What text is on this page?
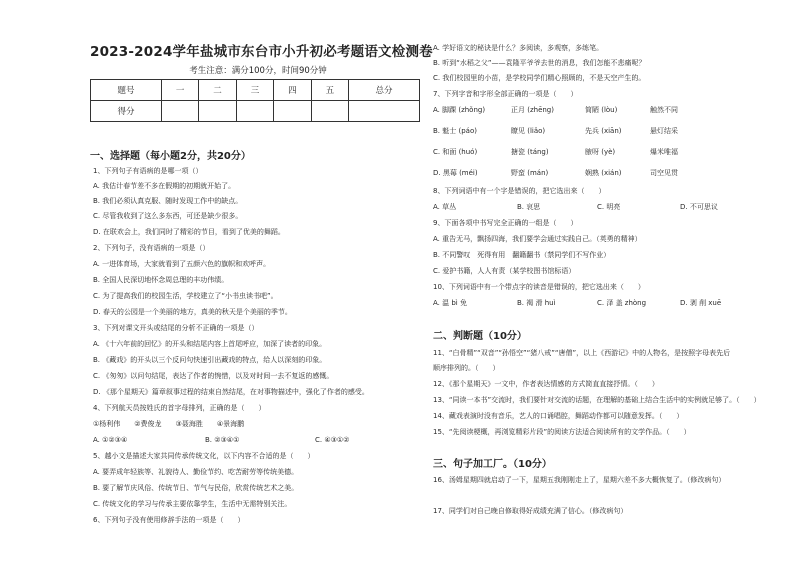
2023-2024学年盐城市东台市小升初必考题语文检测卷
考生注意：满分100分，时间90分钟
题号	一	二	三	四	五	总分
得分						
一、选择题（每小题2分，共20分）
1、下列句子有语病的是哪一项（）
A. 我估计春节差不多在假期的初期就开始了。
B. 我们必须认真克服、随时发现工作中的缺点。
C. 尽管我收到了这么多东西，可还是缺少很多。
D. 在联欢会上，我们同时了精彩的节目，看到了优美的舞蹈。
2、下列句子，没有语病的一项是（）
A. 一进体育场，大家就看到了五颜六色的旗帜和欢呼声。
B. 全国人民深切地怀念周总理的丰功伟绩。
C. 为了提高我们的校园生活，学校建立了“小书虫读书吧”。
D. 春天的公园是一个美丽的地方，真美的秋天是个美丽的季节。
3、下列对课文开头或结尾的分析不正确的一项是（）
A. 《十六年前的回忆》的开头和结尾内容上首尾呼应，加深了读者的印象。
B. 《藏戏》的开头以三个反问句快速引出藏戏的特点，给人以深刻的印象。
C. 《匆匆》以问句结尾，表达了作者的惋惜，以及对时间一去不复返的感慨。
D. 《那个星期天》篇章叙事过程的结束自然结尾，在对事物描述中，强化了作者的感受。
4、下列航天员按姓氏的首字母排列，正确的是（　　）
①杨利伟　　②费俊龙　　③聂海胜　　④景海鹏
A. ①②③④	B. ②③④①	C. ④③①②
5、越小文是描述大家共同传承传统文化，以下内容不合适的是（　　）
A. 要弄成年轻族等、礼貌待人、勤俭节约、吃苦耐劳等传统美德。
B. 要了解节庆风俗、传统节日、节气与民俗，欣赏传统艺术之美。
C. 传统文化的学习与传承主要依靠学生，生活中无需特别关注。
6、下列句子没有使用修辞手法的一项是（　　）
A. 学好语文的秘诀是什么？多阅读，多观察，多练笔。
B. 听到“水稻之父”——袁隆平爷爷去世的消息，我们怎能不悲痛呢？
C. 我们校园里的小苗，是学校同学们精心照顾的，不是天空产生的。
7、下列字音和字形全部正确的一项是（　　）
A. 脚踝 (zhǒng)	正月 (zhēng)	简陋 (lòu)	触然不同
B. 魁士 (páo)	瞭见 (liǎo)	先兵 (xiān)	悬灯结采
C. 和面 (huó)	搪瓷 (táng)	腋呀 (yè)	爆米唯福
D. 黑莓 (méi)	野蛮 (mán)	娴熟 (xián)	司空见贯
8、下列词语中有一个字是错误的，把它选出来（　　）
A. 草丛	B. 哀思	C. 明亮	D. 不可思议
9、下面各项中书写完全正确的一组是（　　）
A. 重告无马，飘扬四海，我们要学会通过实践自己。（英勇的精神）
B. 不同警叹　死得有用　翻籍翻书（禁同学们不写作业）
C. 爱护书籍，人人有责（某学校图书馆标语）
10、下列词语中有一个带点字的读音是错误的，把它选出来（　　）
A. 温 bì 免	B. 褐 滑 huì	C. 泽 盖 zhòng	D. 剥 削 xuē
二、判断题（10分）
11、“白骨精”“双音”“孙悟空”“猪八戒”“唐僧”，以上《西游记》中的人物名，是按照字母表先后
顺序排列的。（　　）
12、《那个星期天》一文中，作者表达情感的方式简直直接抒情。（　　）
13、“同读一本书”交流时，我们要针对交流的话题，在理解的基础上结合生活中的实例就足够了。（　　）
14、藏戏表演时没有音乐，艺人的口诵唱腔，舞蹈动作都可以随意发挥。（　　）
15、“先阅读梗概，再浏览精彩片段”的阅读方法适合阅读所有的文学作品。（　　）
三、句子加工厂。（10分）
16、汤姆星期四就启动了一下，星期五我刚刚走上了，星期六差不多大概恢复了。（修改病句）
17、同学们对自己晚自修取得好成绩充满了信心。（修改病句）
